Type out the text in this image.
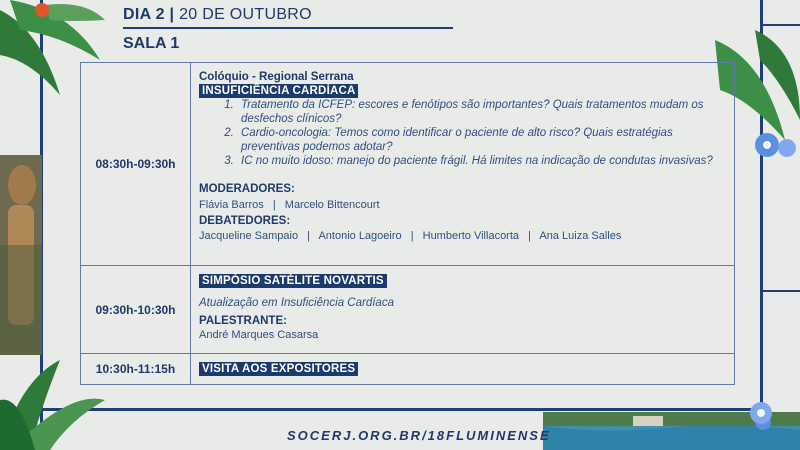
DIA 2 | 20 DE OUTUBRO
SALA 1
08:30h-09:30h
Colóquio - Regional Serrana
INSUFICIÊNCIA CARDÍACA
1. Tratamento da ICFEP: escores e fenótipos são importantes? Quais tratamentos mudam os desfechos clínicos?
2. Cardio-oncologia: Temos como identificar o paciente de alto risco? Quais estratégias preventivas podemos adotar?
3. IC no muito idoso: manejo do paciente frágil. Há limites na indicação de condutas invasivas?
MODERADORES:
Flávia Barros | Marcelo Bittencourt
DEBATEDORES:
Jacqueline Sampaio | Antonio Lagoeiro | Humberto Villacorta | Ana Luiza Salles
09:30h-10:30h
SIMPÓSIO SATÉLITE NOVARTIS
Atualização em Insuficiência Cardíaca
PALESTRANTE:
André Marques Casarsa
10:30h-11:15h	VISITA AOS EXPOSITORES
SOCERJ.ORG.BR/18FLUMINENSE
